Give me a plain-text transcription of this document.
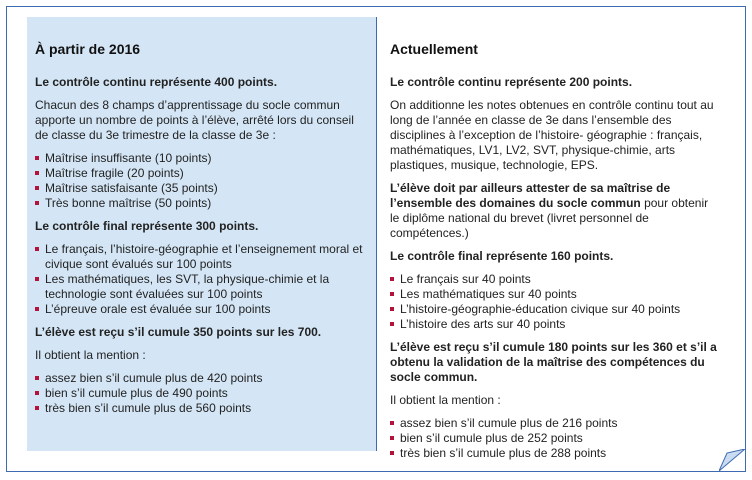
À partir de 2016
Le contrôle continu représente 400 points.

Chacun des 8 champs d’apprentissage du socle commun apporte un nombre de points à l’élève, arrêté lors du conseil de classe du 3e trimestre de la classe de 3e :

Maîtrise insuffisante (10 points)
Maîtrise fragile (20 points)
Maîtrise satisfaisante (35 points)
Très bonne maîtrise (50 points)
Le contrôle final représente 300 points.
Le français, l’histoire-géographie et l’enseignement moral et civique sont évalués sur 100 points
Les mathématiques, les SVT, la physique-chimie et la technologie sont évaluées sur 100 points
L’épreuve orale est évaluée sur 100 points
L’élève est reçu s’il cumule 350 points sur les 700.

Il obtient la mention :

assez bien s’il cumule plus de 420 points
bien s’il cumule plus de 490 points
très bien s’il cumule plus de 560 points
Actuellement
Le contrôle continu représente 200 points.

On additionne les notes obtenues en contrôle continu tout au long de l’année en classe de 3e dans l’ensemble des disciplines à l’exception de l’histoire- géographie : français, mathématiques, LV1, LV2, SVT, physique-chimie, arts plastiques, musique, technologie, EPS.

L’élève doit par ailleurs attester de sa maîtrise de l’ensemble des domaines du socle commun pour obtenir le diplôme national du brevet (livret personnel de compétences.)

Le contrôle final représente 160 points.
Le français sur 40 points
Les mathématiques sur 40 points
L’histoire-géographie-éducation civique sur 40 points
L’histoire des arts sur 40 points
L’élève est reçu s’il cumule 180 points sur les 360 et s’il a obtenu la validation de la maîtrise des compétences du socle commun.

Il obtient la mention :

assez bien s’il cumule plus de 216 points
bien s’il cumule plus de 252 points
très bien s’il cumule plus de 288 points
